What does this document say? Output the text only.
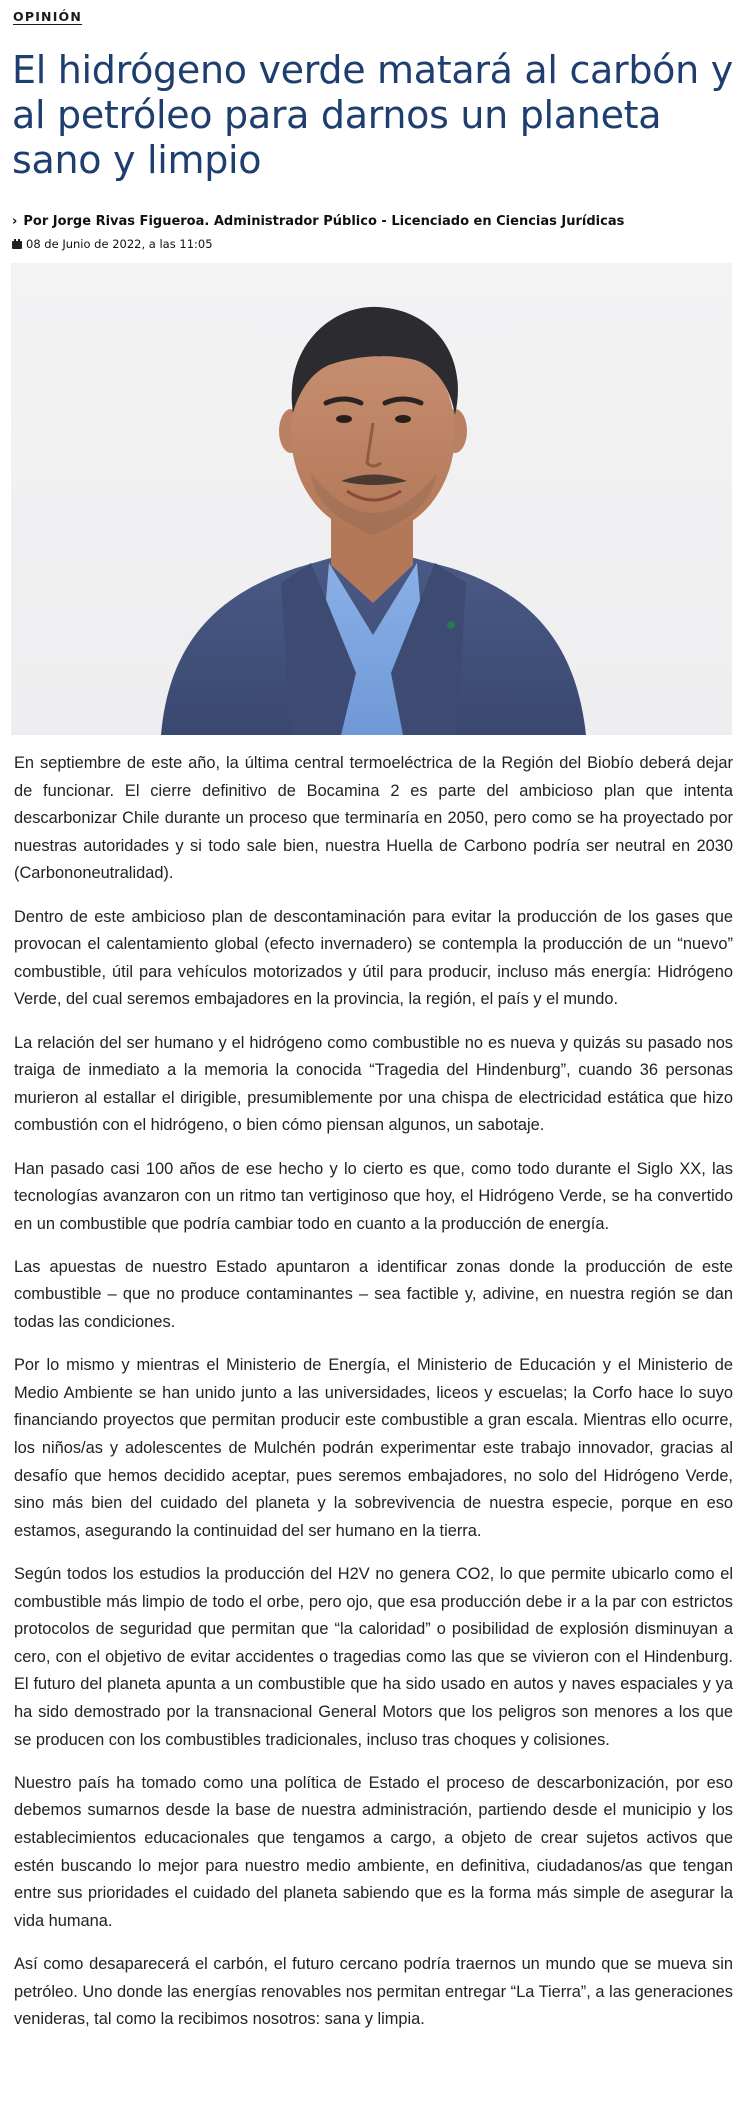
OPINIÓN
El hidrógeno verde matará al carbón y al petróleo para darnos un planeta sano y limpio
› Por Jorge Rivas Figueroa. Administrador Público - Licenciado en Ciencias Jurídicas
08 de Junio de 2022, a las 11:05

En septiembre de este año, la última central termoeléctrica de la Región del Biobío deberá dejar de funcionar. El cierre definitivo de Bocamina 2 es parte del ambicioso plan que intenta descarbonizar Chile durante un proceso que terminaría en 2050, pero como se ha proyectado por nuestras autoridades y si todo sale bien, nuestra Huella de Carbono podría ser neutral en 2030 (Carbononeutralidad).

Dentro de este ambicioso plan de descontaminación para evitar la producción de los gases que provocan el calentamiento global (efecto invernadero) se contempla la producción de un “nuevo” combustible, útil para vehículos motorizados y útil para producir, incluso más energía: Hidrógeno Verde, del cual seremos embajadores en la provincia, la región, el país y el mundo.

La relación del ser humano y el hidrógeno como combustible no es nueva y quizás su pasado nos traiga de inmediato a la memoria la conocida “Tragedia del Hindenburg”, cuando 36 personas murieron al estallar el dirigible, presumiblemente por una chispa de electricidad estática que hizo combustión con el hidrógeno, o bien cómo piensan algunos, un sabotaje.

Han pasado casi 100 años de ese hecho y lo cierto es que, como todo durante el Siglo XX, las tecnologías avanzaron con un ritmo tan vertiginoso que hoy, el Hidrógeno Verde, se ha convertido en un combustible que podría cambiar todo en cuanto a la producción de energía.

Las apuestas de nuestro Estado apuntaron a identificar zonas donde la producción de este combustible – que no produce contaminantes – sea factible y, adivine, en nuestra región se dan todas las condiciones.

Por lo mismo y mientras el Ministerio de Energía, el Ministerio de Educación y el Ministerio de Medio Ambiente se han unido junto a las universidades, liceos y escuelas; la Corfo hace lo suyo financiando proyectos que permitan producir este combustible a gran escala. Mientras ello ocurre, los niños/as y adolescentes de Mulchén podrán experimentar este trabajo innovador, gracias al desafío que hemos decidido aceptar, pues seremos embajadores, no solo del Hidrógeno Verde, sino más bien del cuidado del planeta y la sobrevivencia de nuestra especie, porque en eso estamos, asegurando la continuidad del ser humano en la tierra.

Según todos los estudios la producción del H2V no genera CO2, lo que permite ubicarlo como el combustible más limpio de todo el orbe, pero ojo, que esa producción debe ir a la par con estrictos protocolos de seguridad que permitan que “la caloridad” o posibilidad de explosión disminuyan a cero, con el objetivo de evitar accidentes o tragedias como las que se vivieron con el Hindenburg. El futuro del planeta apunta a un combustible que ha sido usado en autos y naves espaciales y ya ha sido demostrado por la transnacional General Motors que los peligros son menores a los que se producen con los combustibles tradicionales, incluso tras choques y colisiones.

Nuestro país ha tomado como una política de Estado el proceso de descarbonización, por eso debemos sumarnos desde la base de nuestra administración, partiendo desde el municipio y los establecimientos educacionales que tengamos a cargo, a objeto de crear sujetos activos que estén buscando lo mejor para nuestro medio ambiente, en definitiva, ciudadanos/as que tengan entre sus prioridades el cuidado del planeta sabiendo que es la forma más simple de asegurar la vida humana.

Así como desaparecerá el carbón, el futuro cercano podría traernos un mundo que se mueva sin petróleo. Uno donde las energías renovables nos permitan entregar “La Tierra”, a las generaciones venideras, tal como la recibimos nosotros: sana y limpia.
